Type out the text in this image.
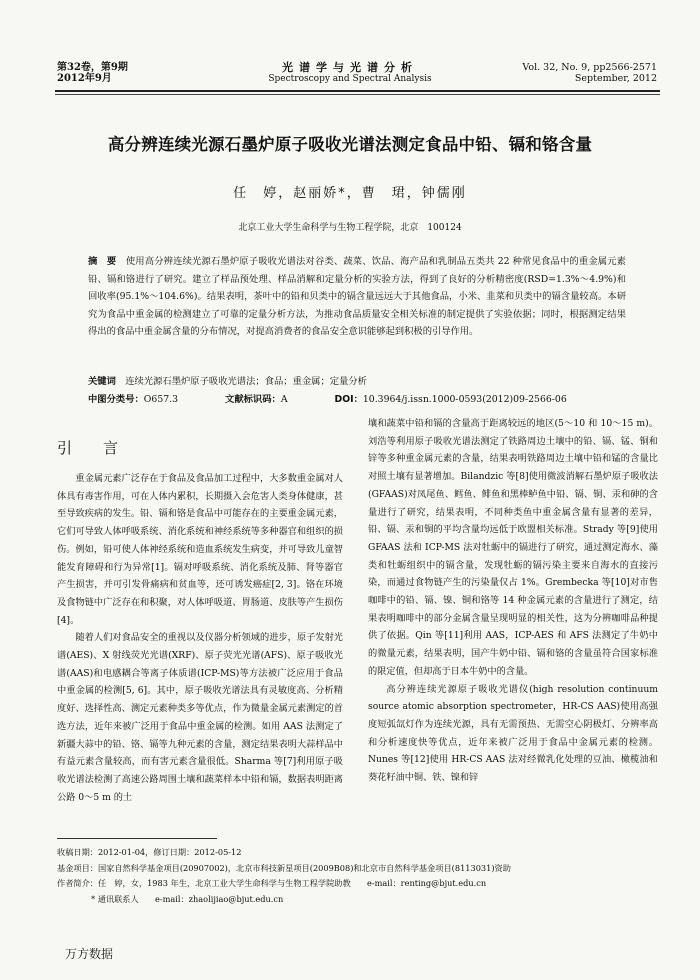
第32卷，第9期
2012年9月
光谱学与光谱分析
Spectroscopy and Spectral Analysis
Vol. 32, No. 9, pp2566-2571
September, 2012
高分辨连续光源石墨炉原子吸收光谱法测定食品中铅、镉和铬含量
任　婷，赵丽娇*，曹　珺，钟儒刚
北京工业大学生命科学与生物工程学院，北京　100124
摘　要　 使用高分辨连续光源石墨炉原子吸收光谱法对谷类、蔬菜、饮品、海产品和乳制品五类共 22 种常见食品中的重金属元素铅、镉和铬进行了研究。建立了样品预处理、样品消解和定量分析的实验方法，得到了良好的分析精密度(RSD=1.3%～4.9%)和回收率(95.1%～104.6%)。结果表明，茶叶中的铅和贝类中的镉含量远远大于其他食品，小米、韭菜和贝类中的镉含量较高。本研究为食品中重金属的检测建立了可靠的定量分析方法，为推动食品质量安全相关标准的制定提供了实验依据；同时，根据测定结果得出的食品中重金属含量的分布情况，对提高消费者的食品安全意识能够起到积极的引导作用。
关键词　 连续光源石墨炉原子吸收光谱法；食品；重金属；定量分析
中图分类号：O657.3	文献标识码：A	DOI：10.3964/j.issn.1000-0593(2012)09-2566-06
引　言

重金属元素广泛存在于食品及食品加工过程中，大多数重金属对人体具有毒害作用，可在人体内累积，长期摄入会危害人类身体健康，甚至导致疾病的发生。铅、镉和铬是食品中可能存在的主要重金属元素，它们可导致人体呼吸系统、消化系统和神经系统等多种器官和组织的损伤。例如，铅可使人体神经系统和造血系统发生病变，并可导致儿童智能发育障碍和行为异常[1]。镉对呼吸系统、消化系统及肺、肾等器官产生损害，并可引发骨痛病和贫血等，还可诱发癌症[2, 3]。铬在环境及食物链中广泛存在和积聚，对人体呼吸道、胃肠道、皮肤等产生损伤[4]。

随着人们对食品安全的重视以及仪器分析领域的进步，原子发射光谱(AES)、X 射线荧光光谱(XRF)、原子荧光光谱(AFS)、原子吸收光谱(AAS)和电感耦合等离子体质谱(ICP-MS)等方法被广泛应用于食品中重金属的检测[5, 6]。其中，原子吸收光谱法具有灵敏度高、分析精度好、选择性高、测定元素种类多等优点，作为微量金属元素测定的首选方法，近年来被广泛用于食品中重金属的检测。如用 AAS 法测定了新疆大蒜中的铅、铬、镉等九种元素的含量，测定结果表明大蒜样品中有益元素含量较高，而有害元素含量很低。Sharma 等[7]利用原子吸收光谱法检测了高速公路周围土壤和蔬菜样本中铅和镉，数据表明距离公路 0～5 m 的土

壤和蔬菜中铅和镉的含量高于距离较远的地区(5～10 和 10～15 m)。刘浩等利用原子吸收光谱法测定了铁路周边土壤中的铅、镉、锰、铜和锌等多种重金属元素的含量，结果表明铁路周边土壤中铅和锰的含量比对照土壤有显著增加。Bilandzic 等[8]使用微波消解石墨炉原子吸收法(GFAAS)对凤尾鱼、鳕鱼、鲱鱼和黑棒鲈鱼中铅、镉、铜、汞和砷的含量进行了研究，结果表明，不同种类鱼中重金属含量有显著的差异，铅、镉、汞和铜的平均含量均远低于欧盟相关标准。Strady 等[9]使用 GFAAS 法和 ICP-MS 法对牡蛎中的镉进行了研究，通过测定海水、藻类和牡蛎组织中的镉含量，发现牡蛎的镉污染主要来自海水的直接污染，而通过食物链产生的污染量仅占 1%。Grembecka 等[10]对市售咖啡中的铅、镉、镍、铜和铬等 14 种金属元素的含量进行了测定，结果表明咖啡中的部分金属含量呈现明显的相关性，这为分辨咖啡品种提供了依据。Qin 等[11]利用 AAS，ICP-AES 和 AFS 法测定了牛奶中的微量元素，结果表明，国产牛奶中铅、镉和铬的含量虽符合国家标准的限定值，但却高于日本牛奶中的含量。

高分辨连续光源原子吸收光谱仪(high resolution continuum source atomic absorption spectrometer，HR-CS AAS)使用高强度短弧氙灯作为连续光源，具有无需预热、无需空心阴极灯、分辨率高和分析速度快等优点，近年来被广泛用于食品中金属元素的检测。Nunes 等[12]使用 HR-CS AAS 法对经微乳化处理的豆油、橄榄油和葵花籽油中铜、铁、镍和锌

收稿日期：2012-01-04，修订日期：2012-05-12
基金项目：国家自然科学基金项目(20907002)，北京市科技新星项目(2009B08)和北京市自然科学基金项目(8113031)资助
作者简介：任　婷，女，1983 年生，北京工业大学生命科学与生物工程学院助教　　e-mail：renting@bjut.edu.cn
* 通讯联系人　　e-mail：zhaolijiao@bjut.edu.cn
万方数据
